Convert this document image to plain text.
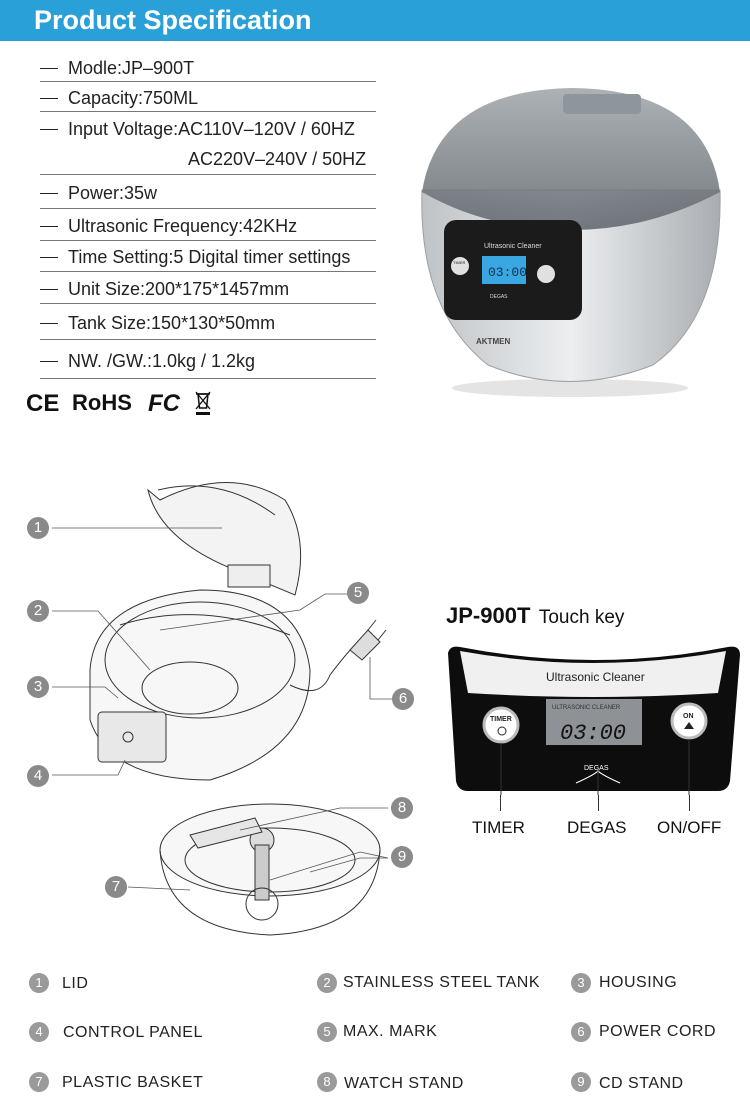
Product Specification
Modle:JP–900T
Capacity:750ML
Input Voltage:AC110V–120V / 60HZ
AC220V–240V / 50HZ
Power:35w
Ultrasonic Frequency:42KHz
Time Setting:5 Digital timer settings
Unit Size:200*175*1457mm
Tank Size:150*130*50mm
NW. /GW.:1.0kg / 1.2kg
CE RoHS FC
Ultrasonic Cleaner
03:00
TIMER
DEGAS
AKTMEN
1
2
3
4
5
6
7
8
9
JP-900T Touch key
Ultrasonic Cleaner
ULTRASONIC CLEANER
03:00
TIMER	ON
DEGAS
TIMER DEGAS ON/OFF
1	LID	2 STAINLESS STEEL TANK	3 HOUSING
4	CONTROL PANEL	5 MAX. MARK	6 POWER CORD
7	PLASTIC BASKET	8 WATCH STAND	9 CD STAND
